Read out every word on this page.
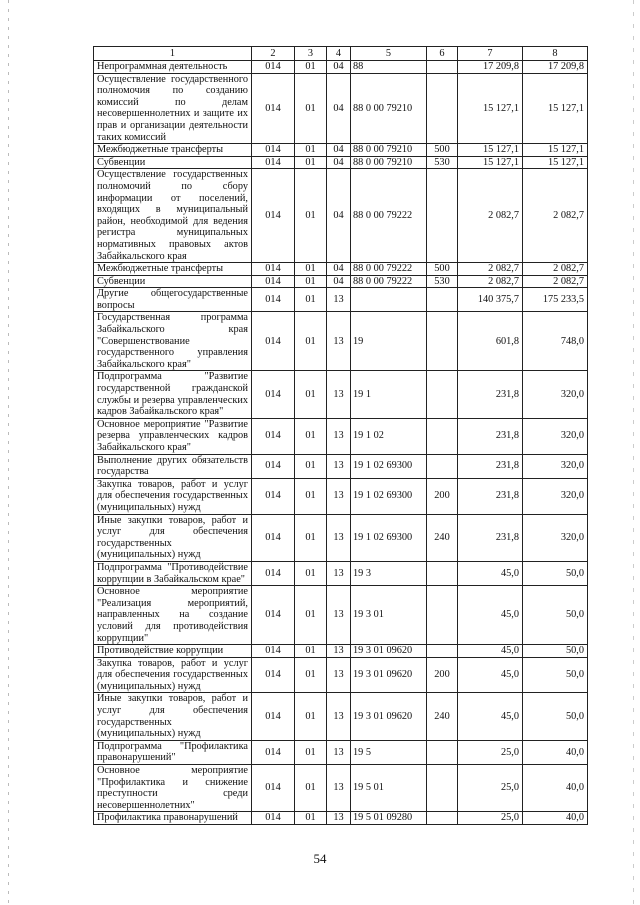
1	2	3	4	5	6	7	8
Непрограммная деятельность	014	01	04	88		17 209,8	17 209,8
Осуществление государственного полномочия по созданию комиссий по делам несовершеннолетних и защите их прав и организации деятельности таких комиссий	014	01	04	88 0 00 79210		15 127,1	15 127,1
Межбюджетные трансферты	014	01	04	88 0 00 79210	500	15 127,1	15 127,1
Субвенции	014	01	04	88 0 00 79210	530	15 127,1	15 127,1
Осуществление государственных полномочий по сбору информации от поселений, входящих в муниципальный район, необходимой для ведения регистра муниципальных нормативных правовых актов Забайкальского края	014	01	04	88 0 00 79222		2 082,7	2 082,7
Межбюджетные трансферты	014	01	04	88 0 00 79222	500	2 082,7	2 082,7
Субвенции	014	01	04	88 0 00 79222	530	2 082,7	2 082,7
Другие общегосударственные вопросы	014	01	13			140 375,7	175 233,5
Государственная программа Забайкальского края "Совершенствование государственного управления Забайкальского края"	014	01	13	19		601,8	748,0
Подпрограмма "Развитие государственной гражданской службы и резерва управленческих кадров Забайкальского края"	014	01	13	19 1		231,8	320,0
Основное мероприятие "Развитие резерва управленческих кадров Забайкальского края"	014	01	13	19 1 02		231,8	320,0
Выполнение других обязательств государства	014	01	13	19 1 02 69300		231,8	320,0
Закупка товаров, работ и услуг для обеспечения государственных (муниципальных) нужд	014	01	13	19 1 02 69300	200	231,8	320,0
Иные закупки товаров, работ и услуг для обеспечения государственных (муниципальных) нужд	014	01	13	19 1 02 69300	240	231,8	320,0
Подпрограмма "Противодействие коррупции в Забайкальском крае"	014	01	13	19 3		45,0	50,0
Основное мероприятие "Реализация мероприятий, направленных на создание условий для противодействия коррупции"	014	01	13	19 3 01		45,0	50,0
Противодействие коррупции	014	01	13	19 3 01 09620		45,0	50,0
Закупка товаров, работ и услуг для обеспечения государственных (муниципальных) нужд	014	01	13	19 3 01 09620	200	45,0	50,0
Иные закупки товаров, работ и услуг для обеспечения государственных (муниципальных) нужд	014	01	13	19 3 01 09620	240	45,0	50,0
Подпрограмма "Профилактика правонарушений"	014	01	13	19 5		25,0	40,0
Основное мероприятие "Профилактика и снижение преступности среди несовершеннолетних"	014	01	13	19 5 01		25,0	40,0
Профилактика правонарушений	014	01	13	19 5 01 09280		25,0	40,0
54
